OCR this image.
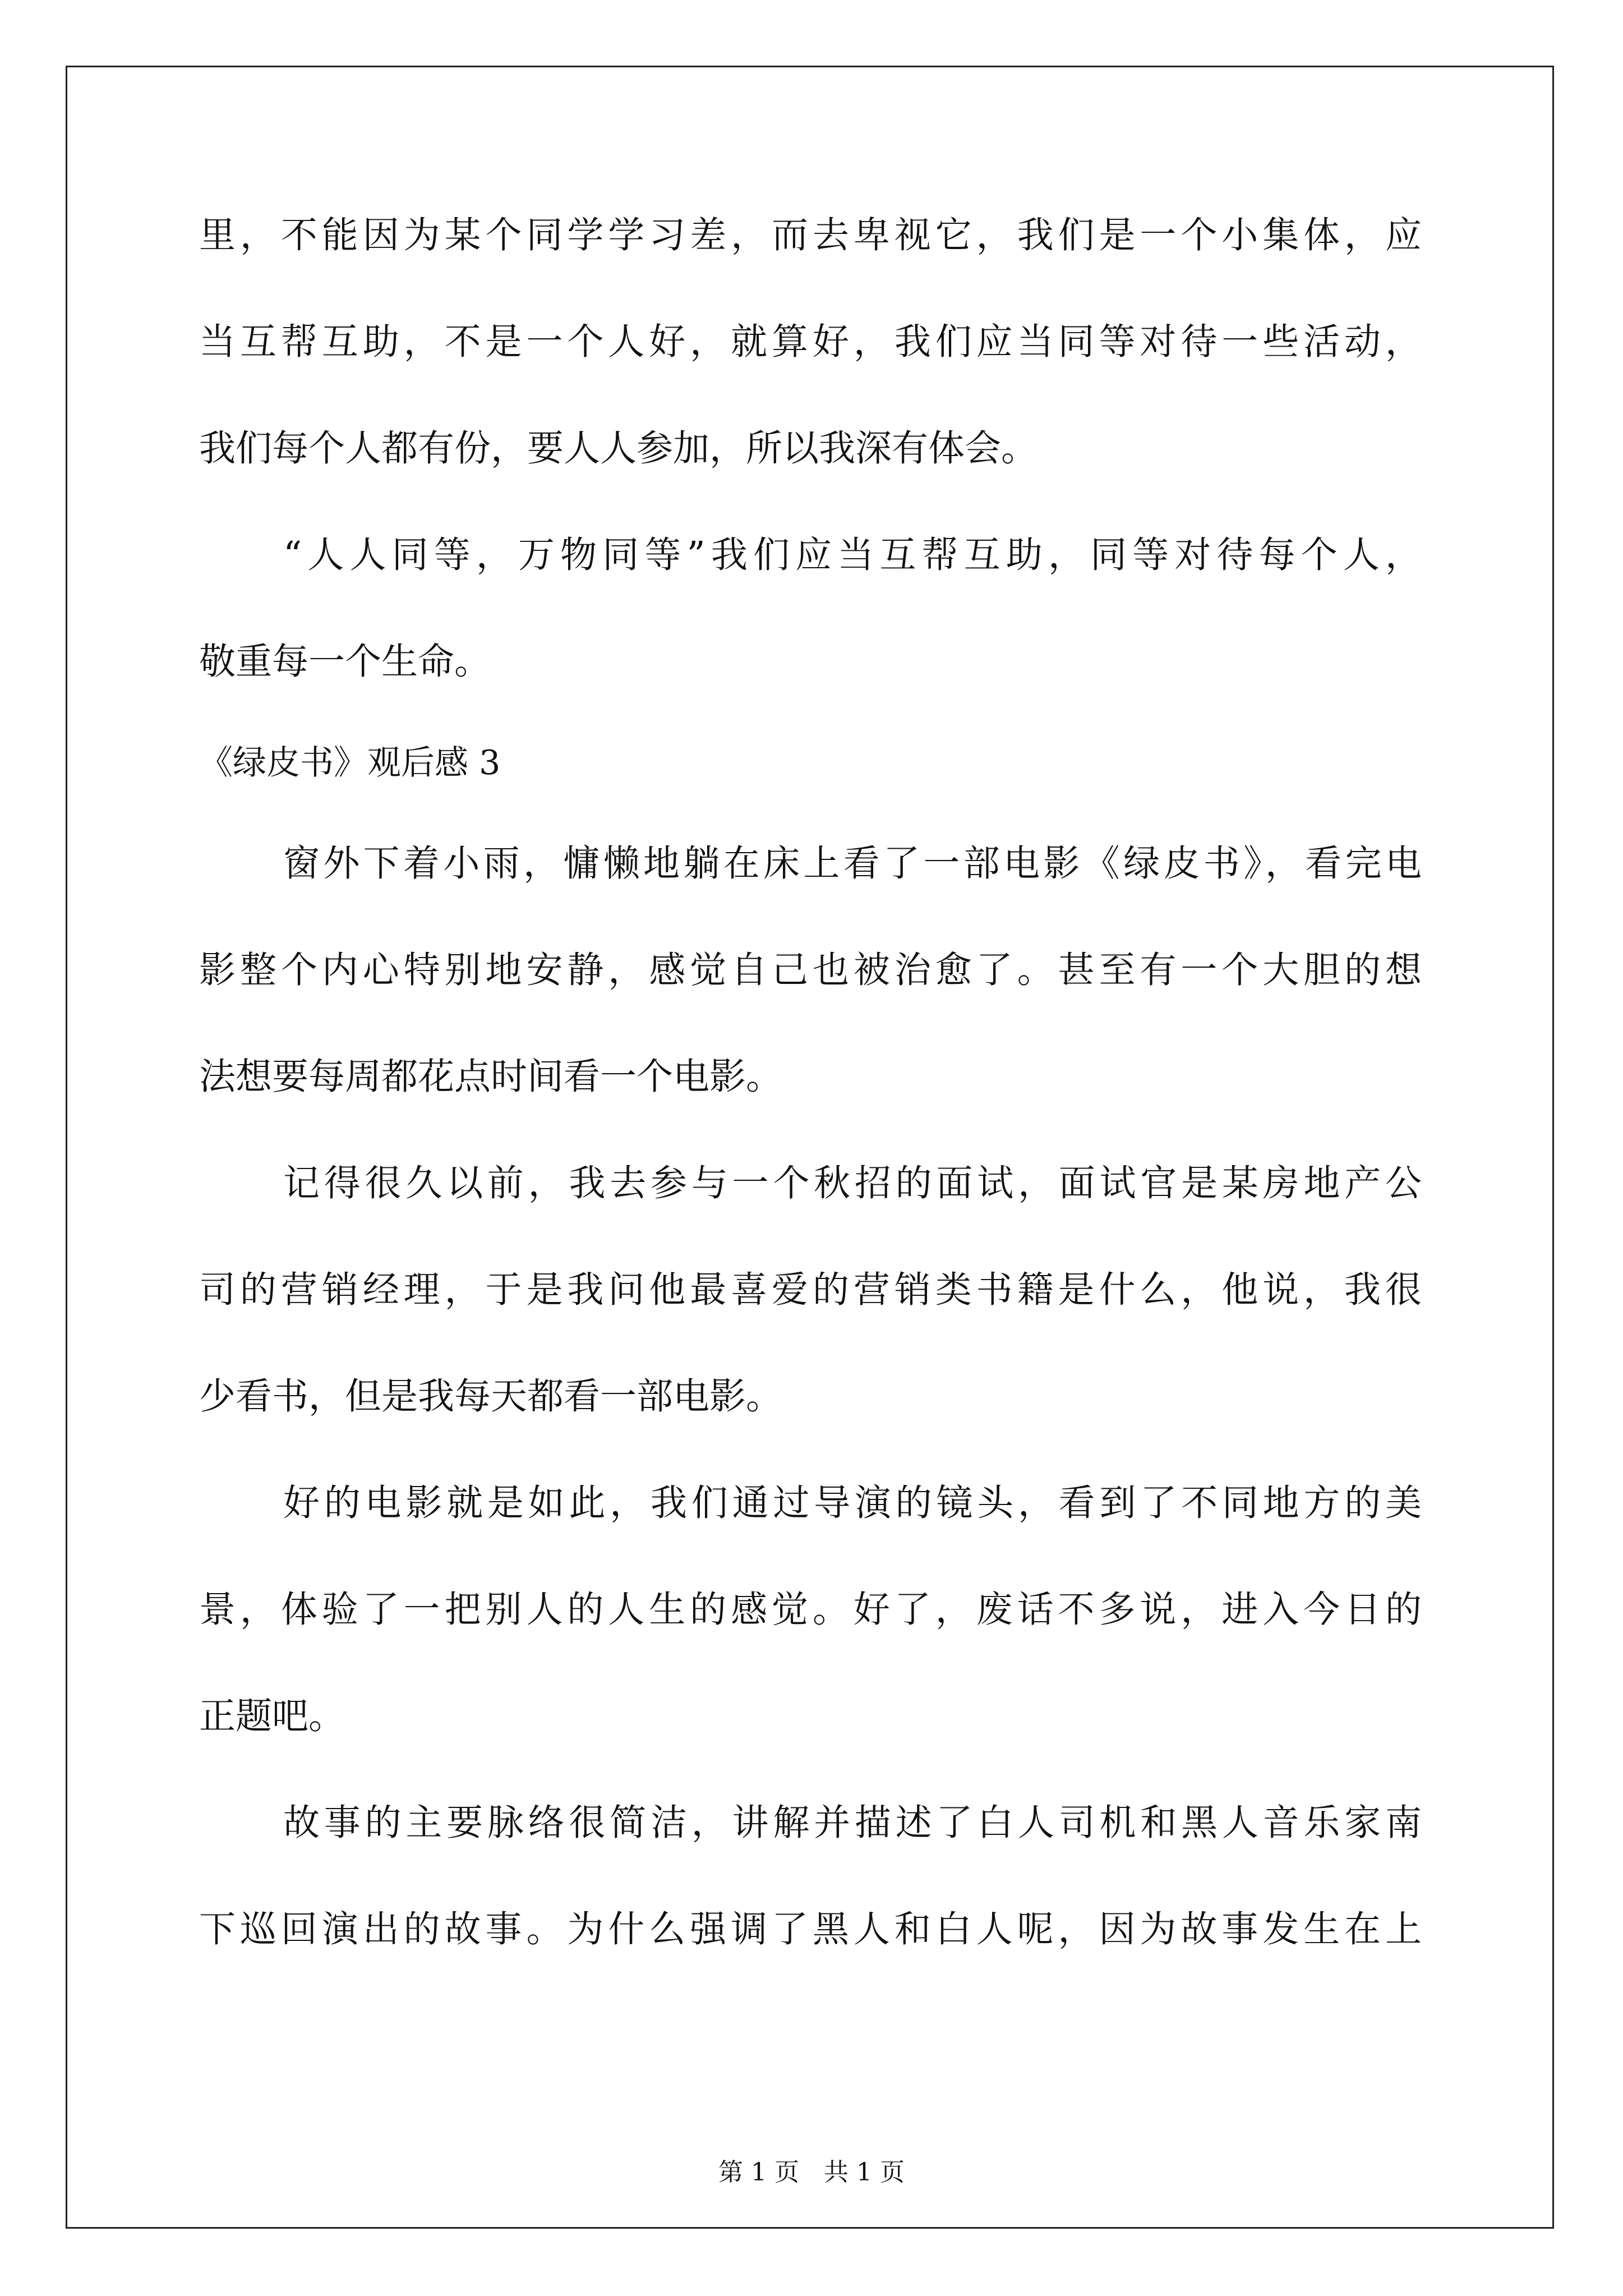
里，不能因为某个同学学习差，而去卑视它，我们是一个小集体，应
当互帮互助，不是一个人好，就算好，我们应当同等对待一些活动，
我们每个人都有份，要人人参加，所以我深有体会。
“人人同等，万物同等”我们应当互帮互助，同等对待每个人，
敬重每一个生命。
《绿皮书》观后感 3
窗外下着小雨，慵懒地躺在床上看了一部电影《绿皮书》，看完电
影整个内心特别地安静，感觉自己也被治愈了。甚至有一个大胆的想
法想要每周都花点时间看一个电影。
记得很久以前，我去参与一个秋招的面试，面试官是某房地产公
司的营销经理，于是我问他最喜爱的营销类书籍是什么，他说，我很
少看书，但是我每天都看一部电影。
好的电影就是如此，我们通过导演的镜头，看到了不同地方的美
景，体验了一把别人的人生的感觉。好了，废话不多说，进入今日的
正题吧。
故事的主要脉络很简洁，讲解并描述了白人司机和黑人音乐家南
下巡回演出的故事。为什么强调了黑人和白人呢，因为故事发生在上
第 1 页　共 1 页
